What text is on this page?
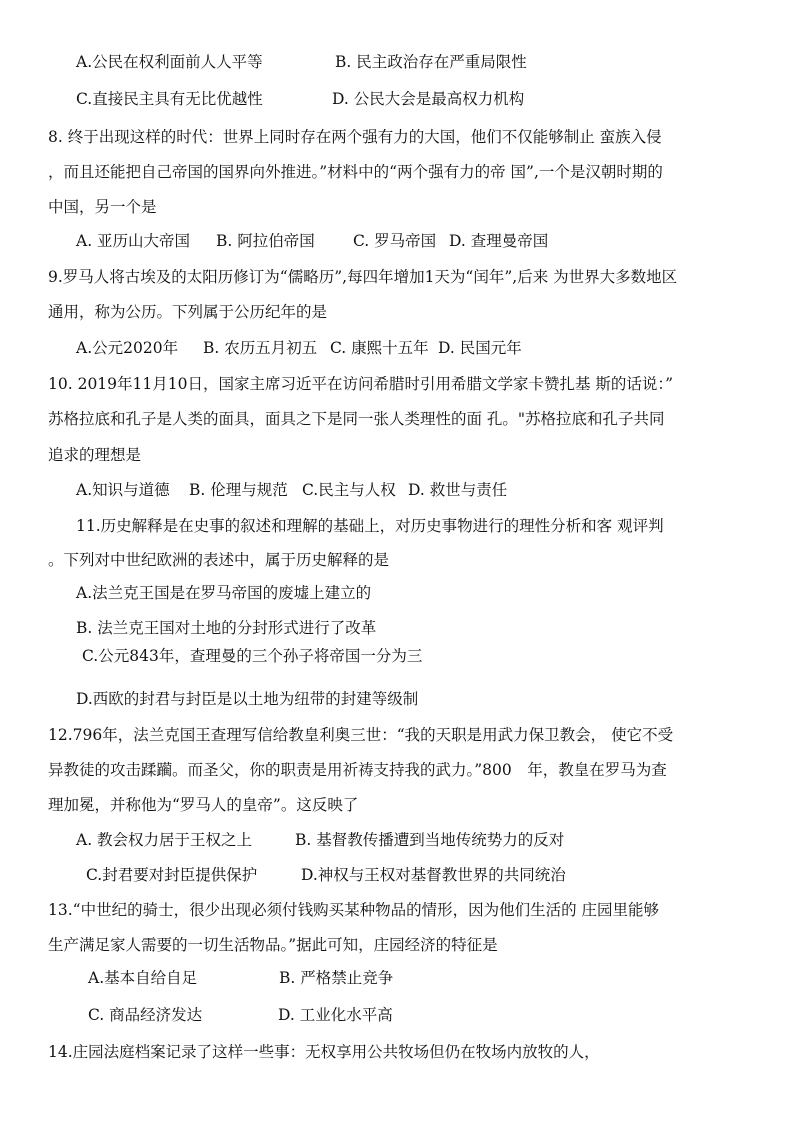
A.公民在权利面前人人平等	B. 民主政治存在严重局限性
C.直接民主具有无比优越性	D. 公民大会是最高权力机构
8. 终于出现这样的时代：世界上同时存在两个强有力的大国，他们不仅能够制止 蛮族入侵
，而且还能把自己帝国的国界向外推进。”材料中的“两个强有力的帝 国”,一个是汉朝时期的
中国，另一个是
A. 亚历山大帝国 B. 阿拉伯帝国 C. 罗马帝国 D. 查理曼帝国
9.罗马人将古埃及的太阳历修订为“儒略历”,每四年增加1天为“闰年”,后来 为世界大多数地区
通用，称为公历。下列属于公历纪年的是
A.公元2020年 B. 农历五月初五 C. 康熙十五年 D. 民国元年
10. 2019年11月10日，国家主席习近平在访问希腊时引用希腊文学家卡赞扎基 斯的话说：”
苏格拉底和孔子是人类的面具，面具之下是同一张人类理性的面 孔。"苏格拉底和孔子共同
追求的理想是
A.知识与道德 B. 伦理与规范 C.民主与人权 D. 救世与责任
11.历史解释是在史事的叙述和理解的基础上，对历史事物进行的理性分析和客 观评判
。下列对中世纪欧洲的表述中，属于历史解释的是
A.法兰克王国是在罗马帝国的废墟上建立的
B. 法兰克王国对土地的分封形式进行了改革
C.公元843年，查理曼的三个孙子将帝国一分为三
D.西欧的封君与封臣是以土地为纽带的封建等级制
12.796年，法兰克国王查理写信给教皇利奥三世：“我的天职是用武力保卫教会， 使它不受
异教徒的攻击蹂躏。而圣父，你的职责是用祈祷支持我的武力。”800　年，教皇在罗马为查
理加冕，并称他为“罗马人的皇帝”。这反映了
A. 教会权力居于王权之上	B. 基督教传播遭到当地传统势力的反对
C.封君要对封臣提供保护	D.神权与王权对基督教世界的共同统治
13.“中世纪的骑士，很少出现必须付钱购买某种物品的情形，因为他们生活的 庄园里能够
生产满足家人需要的一切生活物品。”据此可知，庄园经济的特征是
A.基本自给自足	B. 严格禁止竞争
C. 商品经济发达	D. 工业化水平高
14.庄园法庭档案记录了这样一些事：无权享用公共牧场但仍在牧场内放牧的人，
